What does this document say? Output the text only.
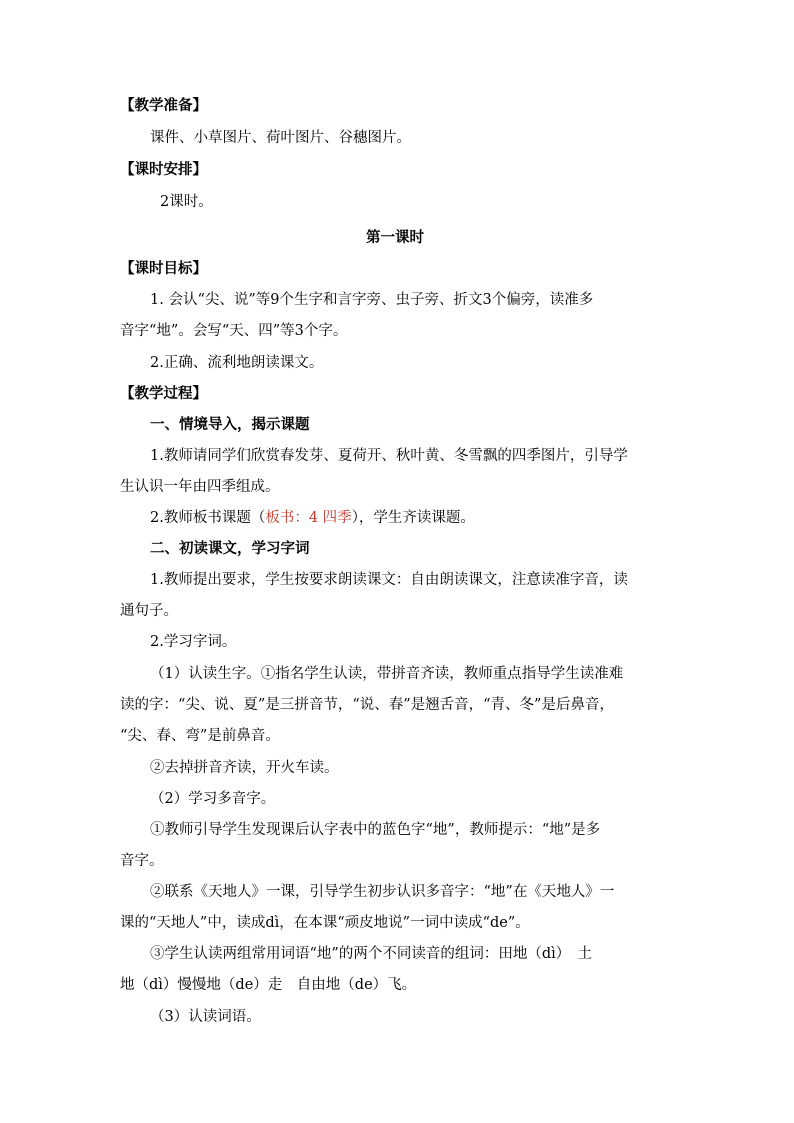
【教学准备】
课件、小草图片、荷叶图片、谷穗图片。
【课时安排】
2课时。
第一课时
【课时目标】
1. 会认“尖、说”等9个生字和言字旁、虫子旁、折文3个偏旁，读准多
音字“地”。会写“天、四”等3个字。
2.正确、流利地朗读课文。
【教学过程】
一、情境导入，揭示课题
1.教师请同学们欣赏春发芽、夏荷开、秋叶黄、冬雪飘的四季图片，引导学
生认识一年由四季组成。
2.教师板书课题（板书：4 四季），学生齐读课题。
二、初读课文，学习字词
1.教师提出要求，学生按要求朗读课文：自由朗读课文，注意读准字音，读
通句子。
2.学习字词。
（1）认读生字。①指名学生认读，带拼音齐读，教师重点指导学生读准难
读的字：“尖、说、夏”是三拼音节，“说、春”是翘舌音，“青、冬”是后鼻音，
“尖、春、弯”是前鼻音。
②去掉拼音齐读，开火车读。
（2）学习多音字。
①教师引导学生发现课后认字表中的蓝色字“地”，教师提示：“地”是多
音字。
②联系《天地人》一课，引导学生初步认识多音字：“地”在《天地人》一
课的“天地人”中，读成dì，在本课“顽皮地说”一词中读成“de”。
③学生认读两组常用词语“地”的两个不同读音的组词：田地（dì）　土
地（dì）慢慢地（de）走　自由地（de）飞。
（3）认读词语。
